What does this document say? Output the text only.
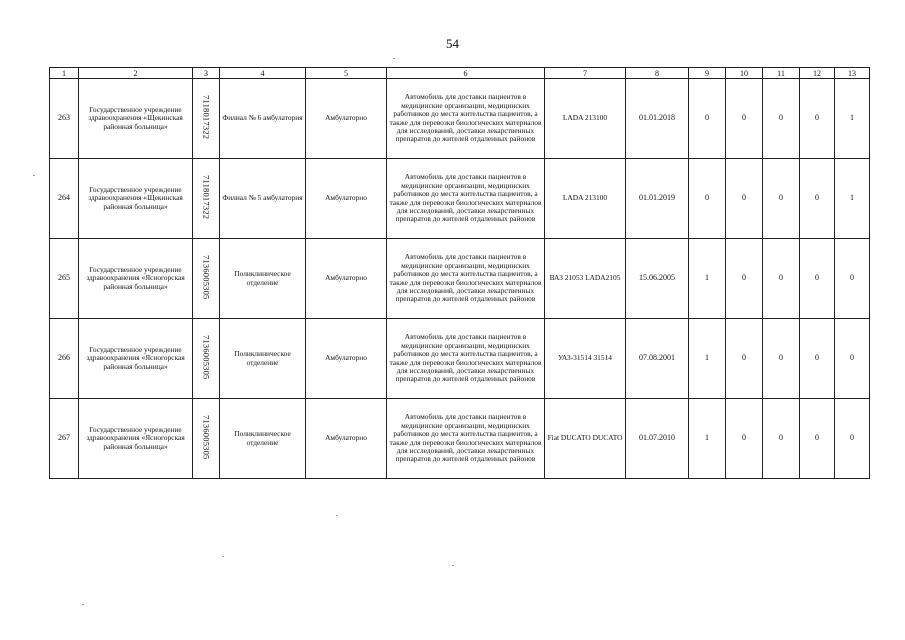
54
1	2	3	4	5	6	7	8	9	10	11	12	13
263	Государственное учреждение здравоохранения «Щекинская районная больница»	7118017322	Филиал № 6 амбулатория	Амбулаторно	Автомобиль для доставки пациентов в медицинские организации, медицинских работников до места жительства пациентов, а также для перевозки биологических материалов для исследований, доставки лекарственных препаратов до жителей отдаленных районов	LADA 213100	01.01.2018	0	0	0	0	1
264	Государственное учреждение здравоохранения «Щекинская районная больница»	7118017322	Филиал № 5 амбулатория	Амбулаторно	Автомобиль для доставки пациентов в медицинские организации, медицинских работников до места жительства пациентов, а также для перевозки биологических материалов для исследований, доставки лекарственных препаратов до жителей отдаленных районов	LADA 213100	01.01.2019	0	0	0	0	1
265	Государственное учреждение здравоохранения «Ясногорская районная больница»	7136005305	Поликлиническое отделение	Амбулаторно	Автомобиль для доставки пациентов в медицинские организации, медицинских работников до места жительства пациентов, а также для перевозки биологических материалов для исследований, доставки лекарственных препаратов до жителей отдаленных районов	ВАЗ 21053 LADA2105	15.06.2005	1	0	0	0	0
266	Государственное учреждение здравоохранения «Ясногорская районная больница»	7136005305	Поликлиническое отделение	Амбулаторно	Автомобиль для доставки пациентов в медицинские организации, медицинских работников до места жительства пациентов, а также для перевозки биологических материалов для исследований, доставки лекарственных препаратов до жителей отдаленных районов	УАЗ-31514 31514	07.08.2001	1	0	0	0	0
267	Государственное учреждение здравоохранения «Ясногорская районная больница»	7136005305	Поликлиническое отделение	Амбулаторно	Автомобиль для доставки пациентов в медицинские организации, медицинских работников до места жительства пациентов, а также для перевозки биологических материалов для исследований, доставки лекарственных препаратов до жителей отдаленных районов	Fiat DUCATO DUCATO	01.07.2010	1	0	0	0	0
